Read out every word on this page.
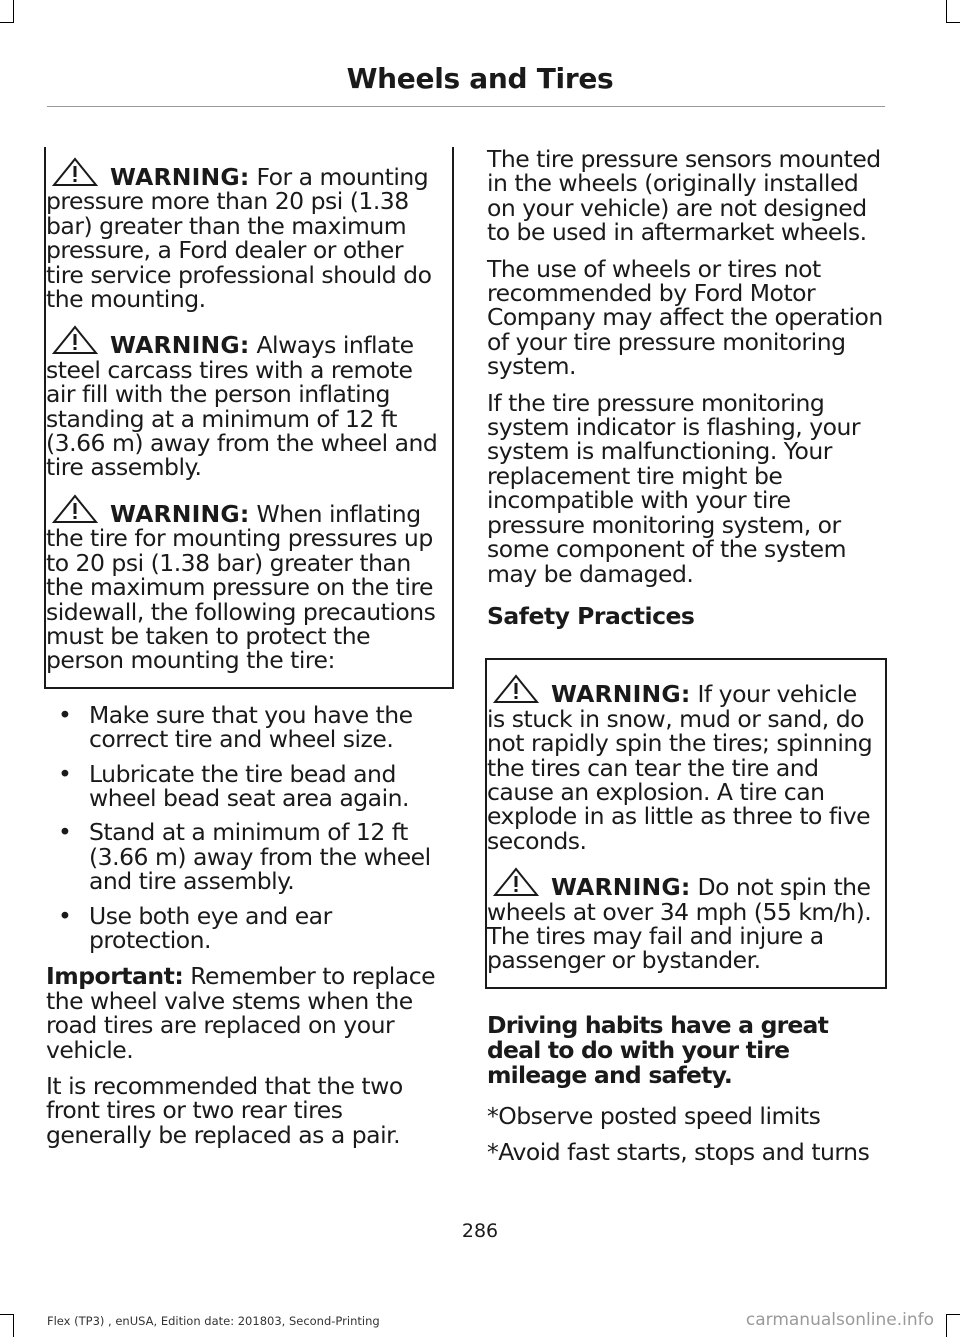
Wheels and Tires
WARNING: For a mounting pressure more than 20 psi (1.38 bar) greater than the maximum pressure, a Ford dealer or other tire service professional should do the mounting.
WARNING: Always inflate steel carcass tires with a remote air fill with the person inflating standing at a minimum of 12 ft (3.66 m) away from the wheel and tire assembly.
WARNING: When inflating the tire for mounting pressures up to 20 psi (1.38 bar) greater than the maximum pressure on the tire sidewall, the following precautions must be taken to protect the person mounting the tire:
• Make sure that you have the correct tire and wheel size.
• Lubricate the tire bead and wheel bead seat area again.
• Stand at a minimum of 12 ft (3.66 m) away from the wheel and tire assembly.
• Use both eye and ear protection.

Important: Remember to replace the wheel valve stems when the road tires are replaced on your vehicle.

It is recommended that the two front tires or two rear tires generally be replaced as a pair.

The tire pressure sensors mounted in the wheels (originally installed on your vehicle) are not designed to be used in aftermarket wheels.

The use of wheels or tires not recommended by Ford Motor Company may affect the operation of your tire pressure monitoring system.

If the tire pressure monitoring system indicator is flashing, your system is malfunctioning. Your replacement tire might be incompatible with your tire pressure monitoring system, or some component of the system may be damaged.

Safety Practices
WARNING: If your vehicle is stuck in snow, mud or sand, do not rapidly spin the tires; spinning the tires can tear the tire and cause an explosion. A tire can explode in as little as three to five seconds.
WARNING: Do not spin the wheels at over 34 mph (55 km/h). The tires may fail and injure a passenger or bystander.
Driving habits have a great deal to do with your tire mileage and safety.

*Observe posted speed limits

*Avoid fast starts, stops and turns

286
Flex (TP3) , enUSA, Edition date: 201803, Second-Printing	carmanualsonline.info
